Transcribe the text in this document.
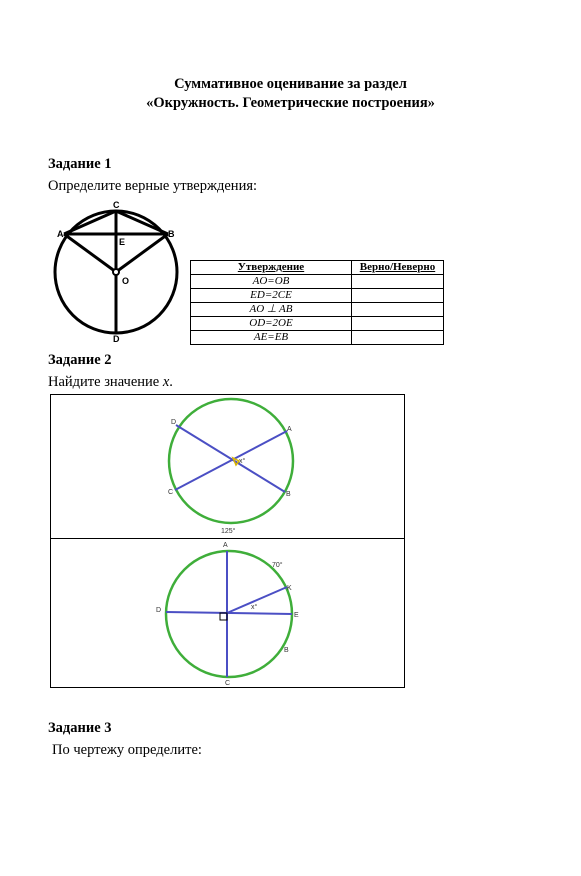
Суммативное оценивание за раздел
«Окружность. Геометрические построения»
Задание 1
Определите верные утверждения:
C
A	B
E
O
D
Утверждение	Верно/Неверно
AO=OB	
ED=2CE	
AO ⊥ AB	
OD=2OE	
AE=EB	
Задание 2
Найдите значение x.
D
A
C	B
x°
125°
A
D
E
C
K
B
x°
70°
Задание 3
По чертежу определите:
